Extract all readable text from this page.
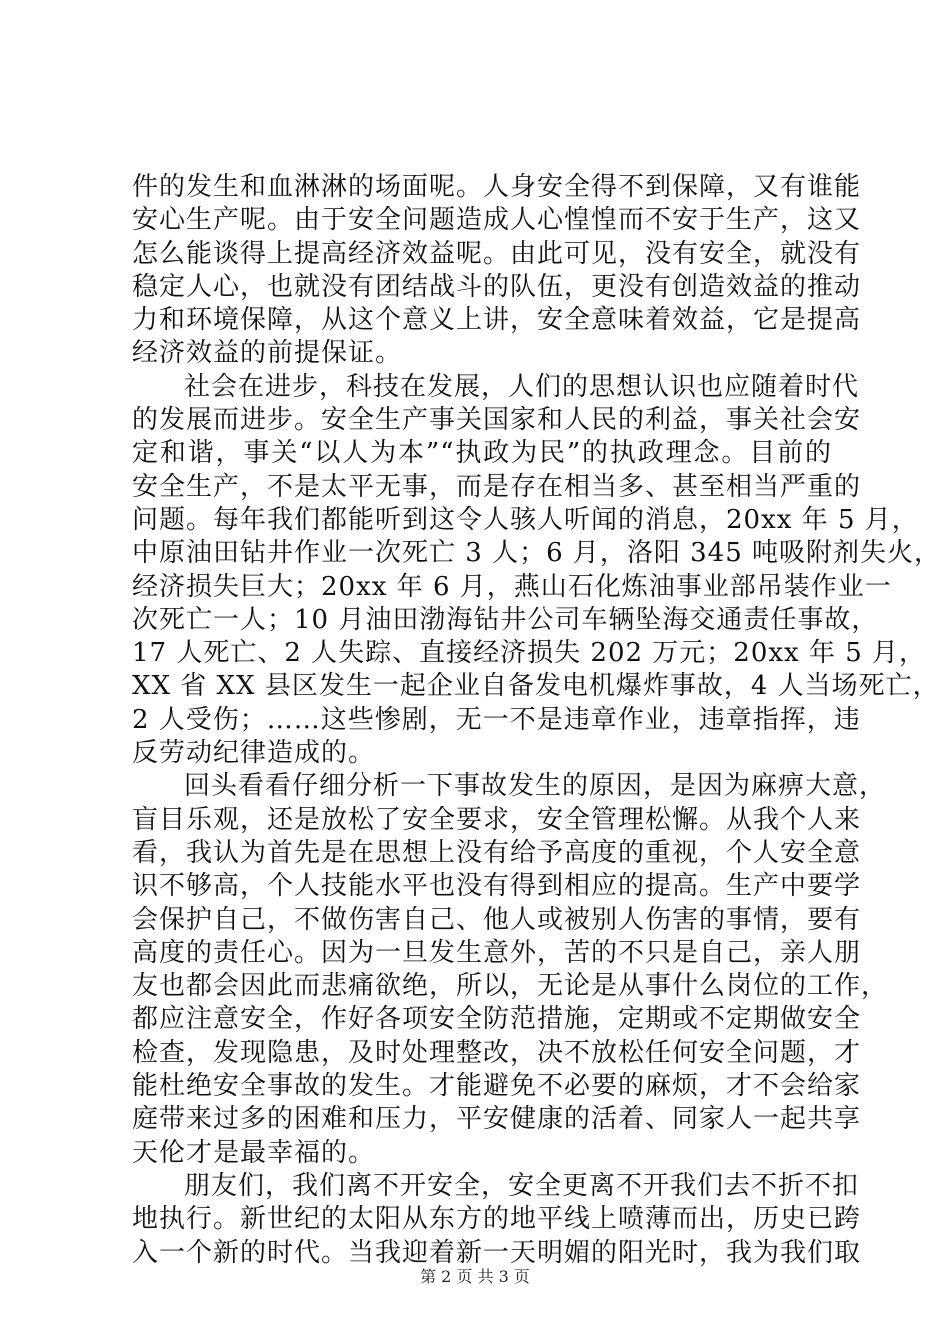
件的发生和血淋淋的场面呢。人身安全得不到保障，又有谁能
安心生产呢。由于安全问题造成人心惶惶而不安于生产，这又
怎么能谈得上提高经济效益呢。由此可见，没有安全，就没有
稳定人心，也就没有团结战斗的队伍，更没有创造效益的推动
力和环境保障，从这个意义上讲，安全意味着效益，它是提高
经济效益的前提保证。
社会在进步，科技在发展，人们的思想认识也应随着时代
的发展而进步。安全生产事关国家和人民的利益，事关社会安
定和谐，事关“以人为本”“执政为民”的执政理念。目前的
安全生产，不是太平无事，而是存在相当多、甚至相当严重的
问题。每年我们都能听到这令人骇人听闻的消息，20xx 年 5 月，
中原油田钻井作业一次死亡 3 人；6 月，洛阳 345 吨吸附剂失火，
经济损失巨大；20xx 年 6 月，燕山石化炼油事业部吊装作业一
次死亡一人；10 月油田渤海钻井公司车辆坠海交通责任事故，
17 人死亡、2 人失踪、直接经济损失 202 万元；20xx 年 5 月，
XX 省 XX 县区发生一起企业自备发电机爆炸事故，4 人当场死亡，
2 人受伤；……这些惨剧，无一不是违章作业，违章指挥，违
反劳动纪律造成的。
回头看看仔细分析一下事故发生的原因，是因为麻痹大意，
盲目乐观，还是放松了安全要求，安全管理松懈。从我个人来
看，我认为首先是在思想上没有给予高度的重视，个人安全意
识不够高，个人技能水平也没有得到相应的提高。生产中要学
会保护自己，不做伤害自己、他人或被别人伤害的事情，要有
高度的责任心。因为一旦发生意外，苦的不只是自己，亲人朋
友也都会因此而悲痛欲绝，所以，无论是从事什么岗位的工作，
都应注意安全，作好各项安全防范措施，定期或不定期做安全
检查，发现隐患，及时处理整改，决不放松任何安全问题，才
能杜绝安全事故的发生。才能避免不必要的麻烦，才不会给家
庭带来过多的困难和压力，平安健康的活着、同家人一起共享
天伦才是最幸福的。
朋友们，我们离不开安全，安全更离不开我们去不折不扣
地执行。新世纪的太阳从东方的地平线上喷薄而出，历史已跨
入一个新的时代。当我迎着新一天明媚的阳光时，我为我们取
第 2 页 共 3 页
